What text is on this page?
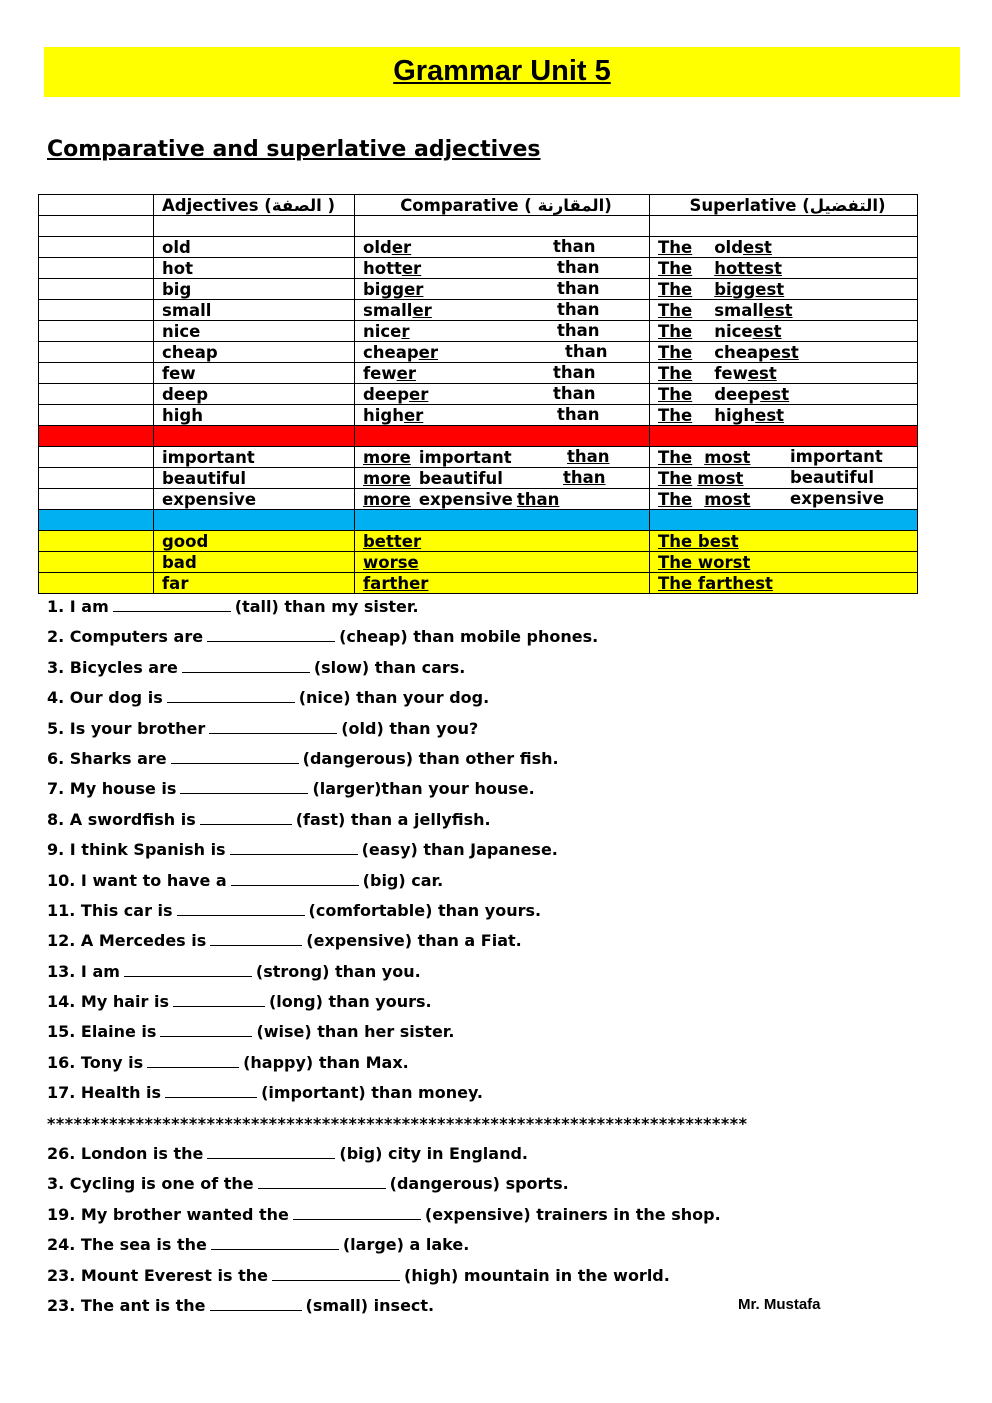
Grammar Unit 5
Comparative and superlative adjectives
	Adjectives (الصفة )	Comparative ( المقارنة)	Superlative (التفضيل)

	old	older than	The oldest
	hot	hotter than	The hottest
	big	bigger than	The biggest
	small	smaller than	The smallest
	nice	nicer than	The niceest
	cheap	cheaper than	The cheapest
	few	fewer than	The fewest
	deep	deeper than	The deepest
	high	higher than	The highest

	important	more important than	The most important

	beautiful	more beautiful than	The most beautiful

	expensive	more expensive than	The most expensive

	good	better	The best
	bad	worse	The worst
	far	farther	The farthest
1. I am	(tall) than my sister.
2. Computers are	(cheap) than mobile phones.
3. Bicycles are	(slow) than cars.
4. Our dog is	(nice) than your dog.
5. Is your brother	(old) than you?
6. Sharks are	(dangerous) than other fish.
7. My house is	(larger)than your house.
8. A swordfish is	(fast) than a jellyfish.
9. I think Spanish is	(easy) than Japanese.
10. I want to have a	(big) car.
11. This car is	(comfortable) than yours.
12. A Mercedes is	(expensive) than a Fiat.
13. I am	(strong) than you.
14. My hair is	(long) than yours.
15. Elaine is	(wise) than her sister.
16. Tony is	(happy) than Max.
17. Health is	(important) than money.
*******************************************************************************
26. London is the	(big) city in England.
3. Cycling is one of the	(dangerous) sports.
19. My brother wanted the	(expensive) trainers in the shop.
24. The sea is the	(large) a lake.
23. Mount Everest is the	(high) mountain in the world.
23. The ant is the	(small) insect.	Mr. Mustafa
